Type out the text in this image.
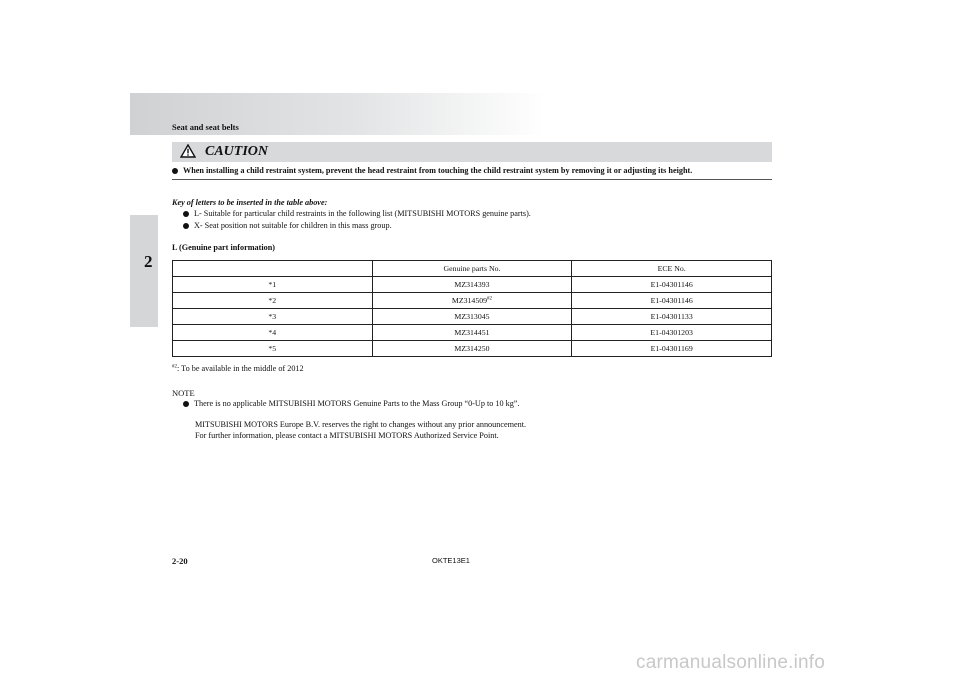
Seat and seat belts
2
CAUTION
When installing a child restraint system, prevent the head restraint from touching the child restraint system by removing it or adjusting its height.
Key of letters to be inserted in the table above:
L- Suitable for particular child restraints in the following list (MITSUBISHI MOTORS genuine parts).
X- Seat position not suitable for children in this mass group.
L (Genuine part information)
	Genuine parts No.	ECE No.
*1	MZ314393	E1-04301146
*2	MZ314509$^{\#2}$	E1-04301146
*3	MZ313045	E1-04301133
*4	MZ314451	E1-04301203
*5	MZ314250	E1-04301169
$^{\#2}$: To be available in the middle of 2012
NOTE
There is no applicable MITSUBISHI MOTORS Genuine Parts to the Mass Group “0-Up to 10 kg”.
MITSUBISHI MOTORS Europe B.V. reserves the right to changes without any prior announcement.
For further information, please contact a MITSUBISHI MOTORS Authorized Service Point.
2-20	OKTE13E1
carmanualsonline.info
